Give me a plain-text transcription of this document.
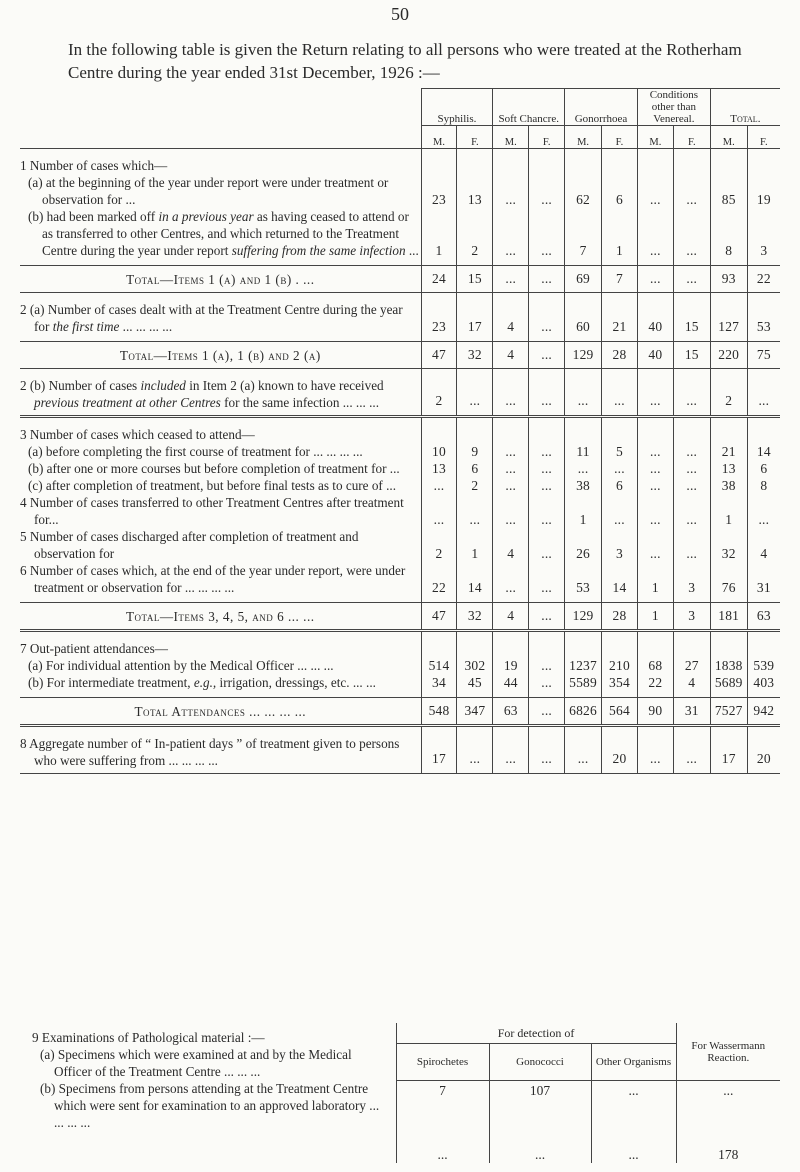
50
In the following table is given the Return relating to all persons who were treated at the Rotherham Centre during the year ended 31st December, 1926 :—
	Syphilis.		Soft Chancre.		Gonorrhoea		Conditions other than Venereal.		Total.	
	M.	F.	M.	F.	M.	F.	M.	F.	M.	F.

1 Number of cases which—
(a) at the beginning of the year under report were under treatment or observation for ...	23	13	...	...	62	6	...	...	85	19

(b) had been marked off in a previous year as having ceased to attend or as transferred to other Centres, and which returned to the Treatment Centre during the year under report suffering from the same infection ...	1	2	...	...	7	1	...	...	8	3

Total—Items 1 (a) and 1 (b) . ...	24	15	...	...	69	7	...	...	93	22

2 (a) Number of cases dealt with at the Treatment Centre during the year for the first time ... ... ... ...	23	17	4	...	60	21	40	15	127	53

Total—Items 1 (a), 1 (b) and 2 (a)	47	32	4	...	129	28	40	15	220	75

2 (b) Number of cases included in Item 2 (a) known to have received previous treatment at other Centres for the same infection ... ... ...	2	...	...	...	...	...	...	...	2	...

3 Number of cases which ceased to attend—
(a) before completing the first course of treatment for ... ... ... ...	10	9	...	...	11	5	...	...	21	14

(b) after one or more courses but before completion of treatment for ...	13	6	...	...	...	...	...	...	13	6

(c) after completion of treatment, but before final tests as to cure of ...	...	2	...	...	38	6	...	...	38	8

4 Number of cases transferred to other Treatment Centres after treatment for...	...	...	...	...	1	...	...	...	1	...

5 Number of cases discharged after completion of treatment and observation for	2	1	4	...	26	3	...	...	32	4

6 Number of cases which, at the end of the year under report, were under treatment or observation for ... ... ... ...	22	14	...	...	53	14	1	3	76	31

Total—Items 3, 4, 5, and 6 ... ...	47	32	4	...	129	28	1	3	181	63

7 Out-patient attendances—
(a) For individual attention by the Medical Officer ... ... ...	514	302	19	...	1237	210	68	27	1838	539

(b) For intermediate treatment, e.g., irrigation, dressings, etc. ... ...	34	45	44	...	5589	354	22	4	5689	403

Total Attendances ... ... ... ...	548	347	63	...	6826	564	90	31	7527	942

8 Aggregate number of “ In-patient days ” of treatment given to persons who were suffering from ... ... ... ...	17	...	...	...	...	20	...	...	17	20
9 Examinations of Pathological material :—
(a) Specimens which were examined at and by the Medical Officer of the Treatment Centre ... ... ...
(b) Specimens from persons attending at the Treatment Centre which were sent for examination to an approved laboratory ... ... ... ...	For detection of			For Wassermann Reaction.
	Spirochetes	Gonococci	Other Organisms	
	7	107	...	...
	...	...	...	178
